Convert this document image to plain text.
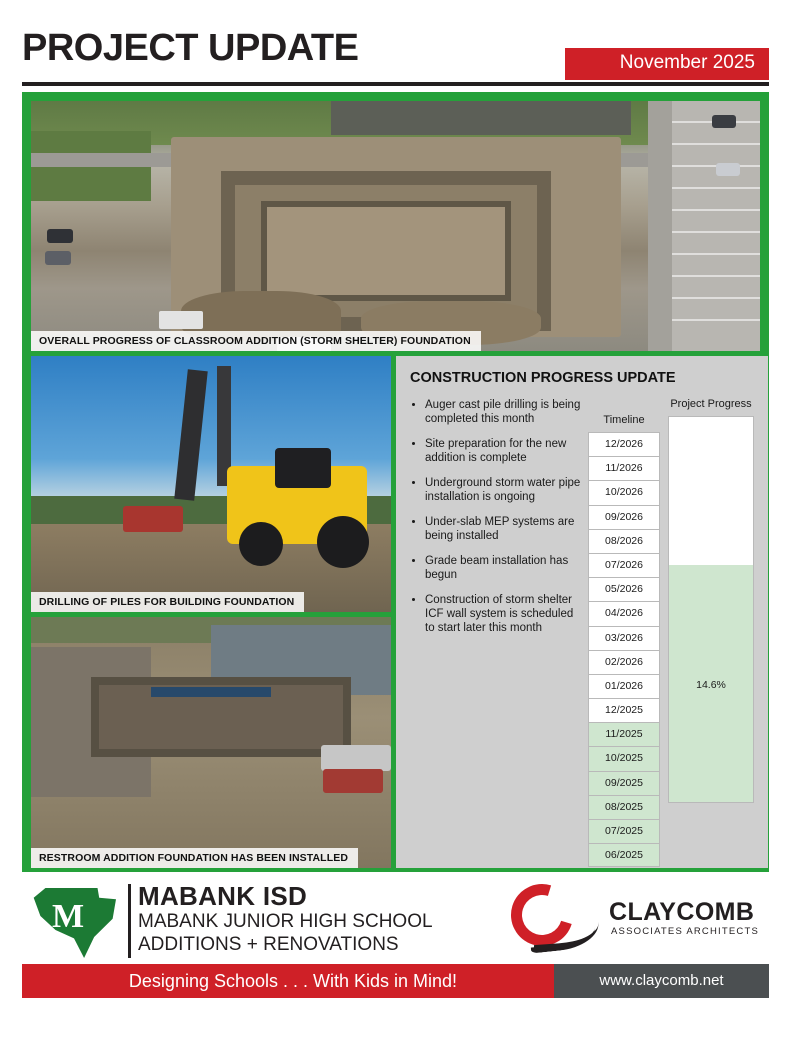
PROJECT UPDATE	November 2025
OVERALL PROGRESS OF CLASSROOM ADDITION (STORM SHELTER) FOUNDATION
DRILLING OF PILES FOR BUILDING FOUNDATION
RESTROOM ADDITION FOUNDATION HAS BEEN INSTALLED
CONSTRUCTION PROGRESS UPDATE
• Auger cast pile drilling is being completed this month
• Site preparation for the new addition is complete
• Underground storm water pipe installation is ongoing
• Under-slab MEP systems are being installed
• Grade beam installation has begun
• Construction of storm shelter ICF wall system is scheduled to start later this month
Timeline
12/2026
11/2026
10/2026
09/2026
08/2026
07/2026
05/2026
04/2026
03/2026
02/2026
01/2026
12/2025
11/2025
10/2025
09/2025
08/2025
07/2025
06/2025
Project Progress
14.6%
M
MABANK ISD
MABANK JUNIOR HIGH SCHOOL
ADDITIONS + RENOVATIONS
CLAYCOMB
ASSOCIATES ARCHITECTS
Designing Schools . . . With Kids in Mind!	www.claycomb.net
